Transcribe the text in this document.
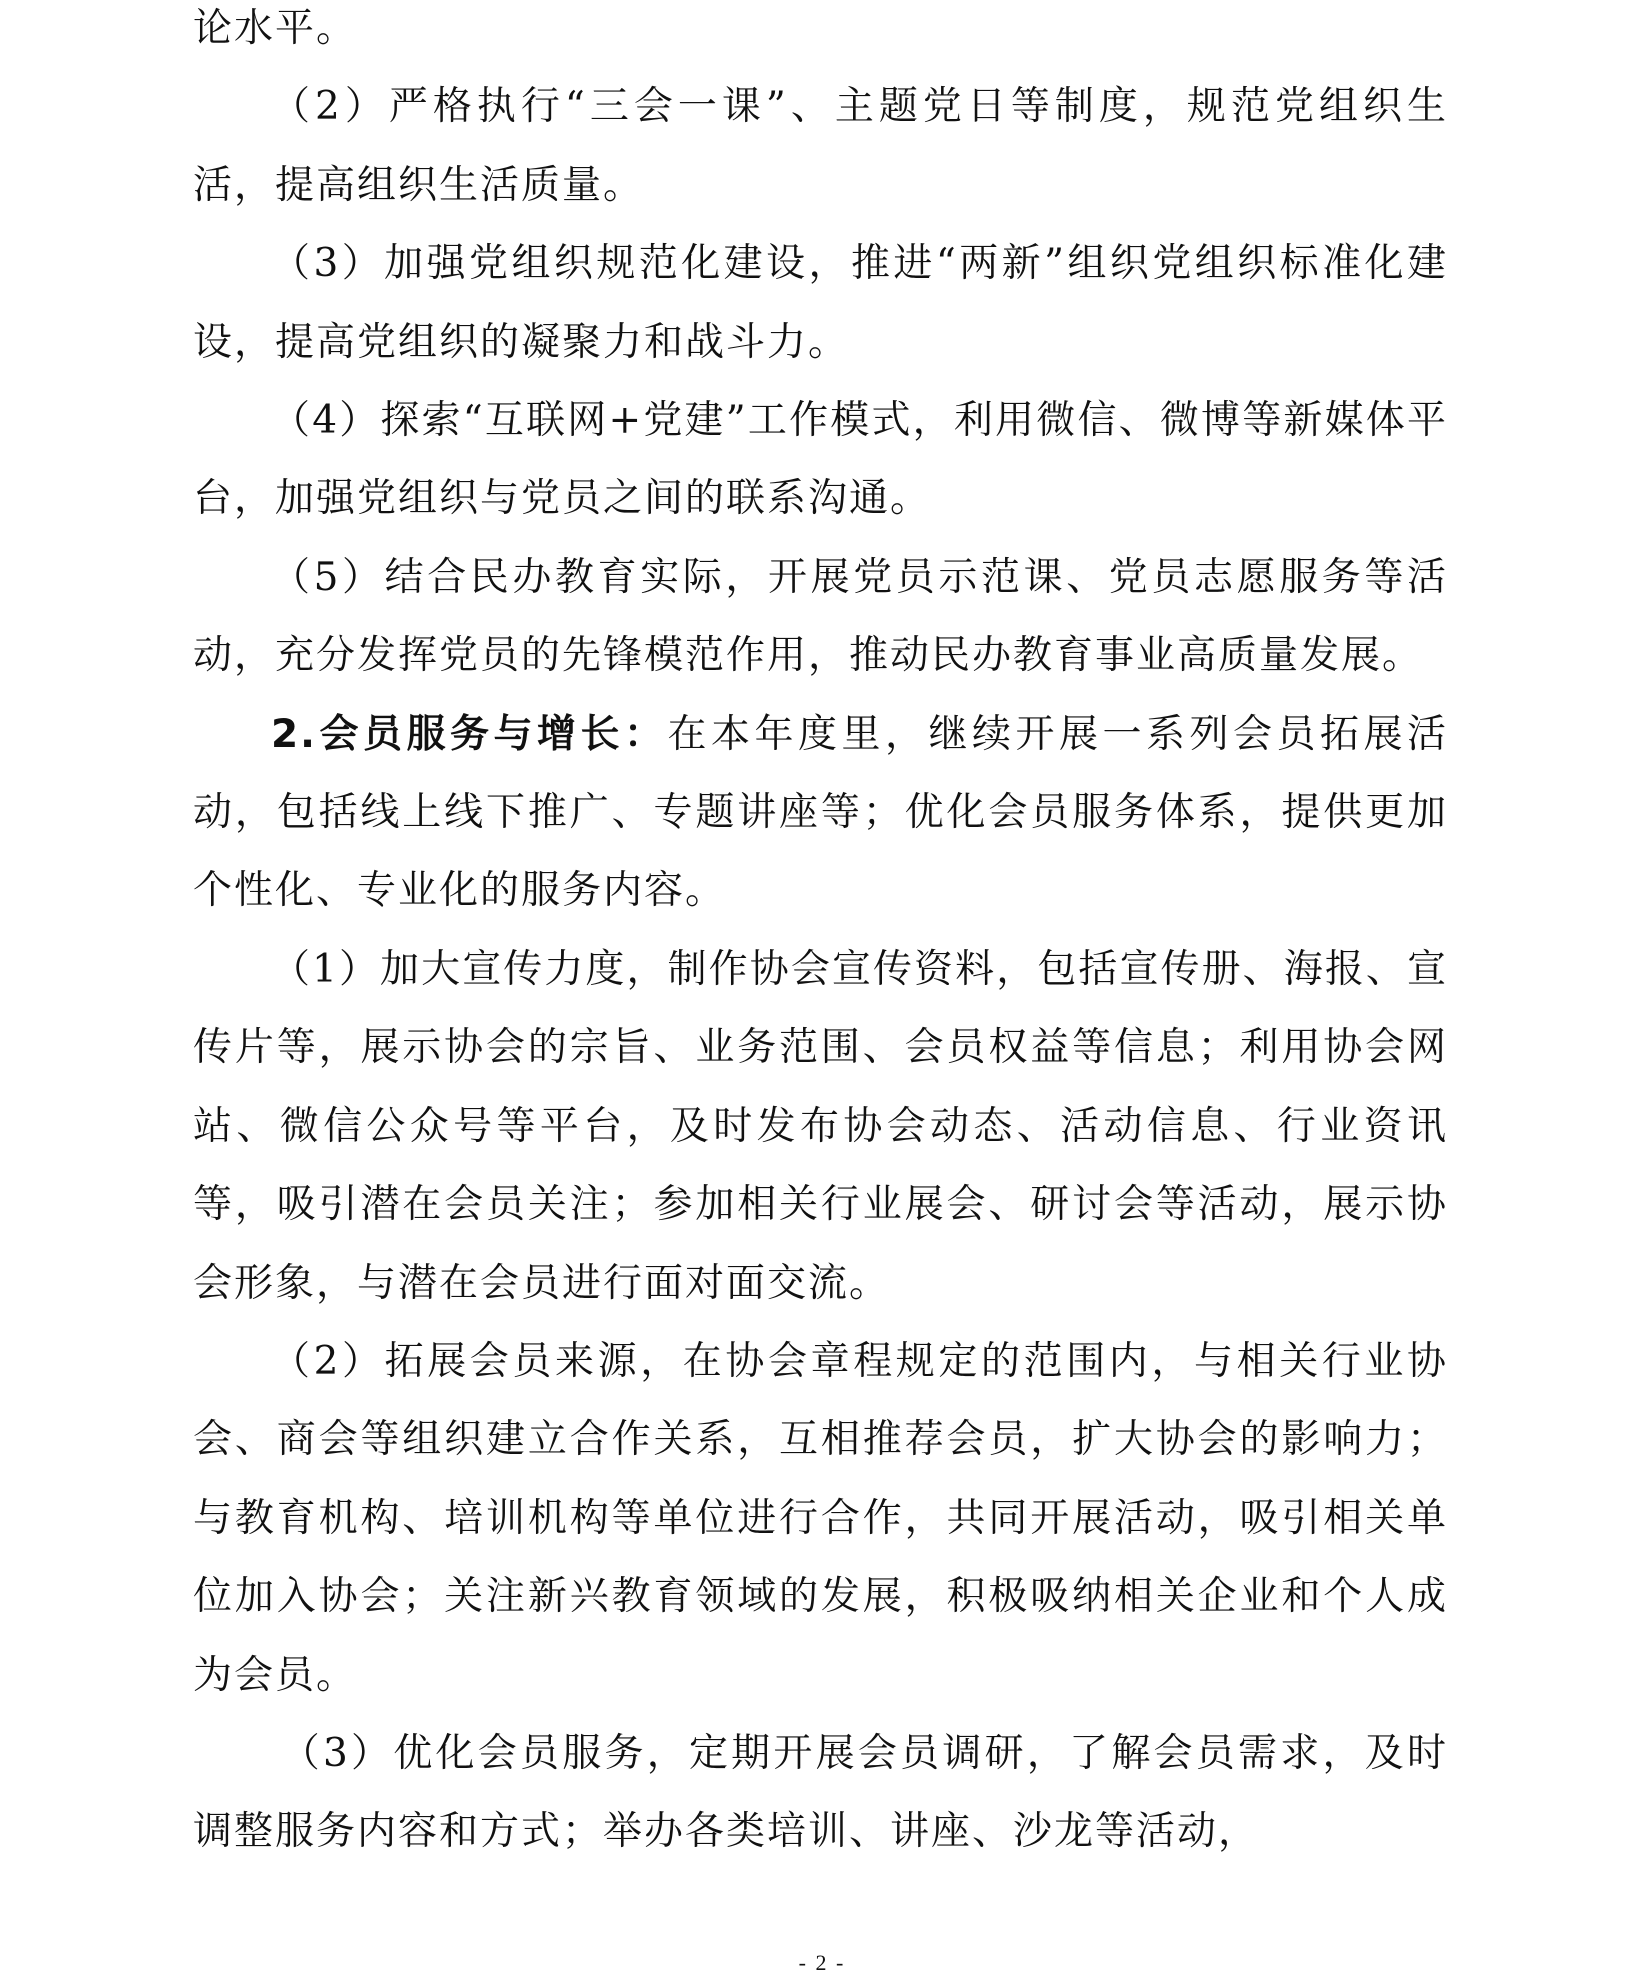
论水平。

（2）严格执行“三会一课”、主题党日等制度，规范党组织生活，提高组织生活质量。

（3）加强党组织规范化建设，推进“两新”组织党组织标准化建设，提高党组织的凝聚力和战斗力。

（4）探索“互联网+党建”工作模式，利用微信、微博等新媒体平台，加强党组织与党员之间的联系沟通。

（5）结合民办教育实际，开展党员示范课、党员志愿服务等活动，充分发挥党员的先锋模范作用，推动民办教育事业高质量发展。

2.会员服务与增长：在本年度里，继续开展一系列会员拓展活动，包括线上线下推广、专题讲座等；优化会员服务体系，提供更加个性化、专业化的服务内容。

（1）加大宣传力度，制作协会宣传资料，包括宣传册、海报、宣传片等，展示协会的宗旨、业务范围、会员权益等信息；利用协会网站、微信公众号等平台，及时发布协会动态、活动信息、行业资讯等，吸引潜在会员关注；参加相关行业展会、研讨会等活动，展示协会形象，与潜在会员进行面对面交流。

（2）拓展会员来源，在协会章程规定的范围内，与相关行业协会、商会等组织建立合作关系，互相推荐会员，扩大协会的影响力；与教育机构、培训机构等单位进行合作，共同开展活动，吸引相关单位加入协会；关注新兴教育领域的发展，积极吸纳相关企业和个人成为会员。

（3）优化会员服务，定期开展会员调研，了解会员需求，及时调整服务内容和方式；举办各类培训、讲座、沙龙等活动，

- 2 -
